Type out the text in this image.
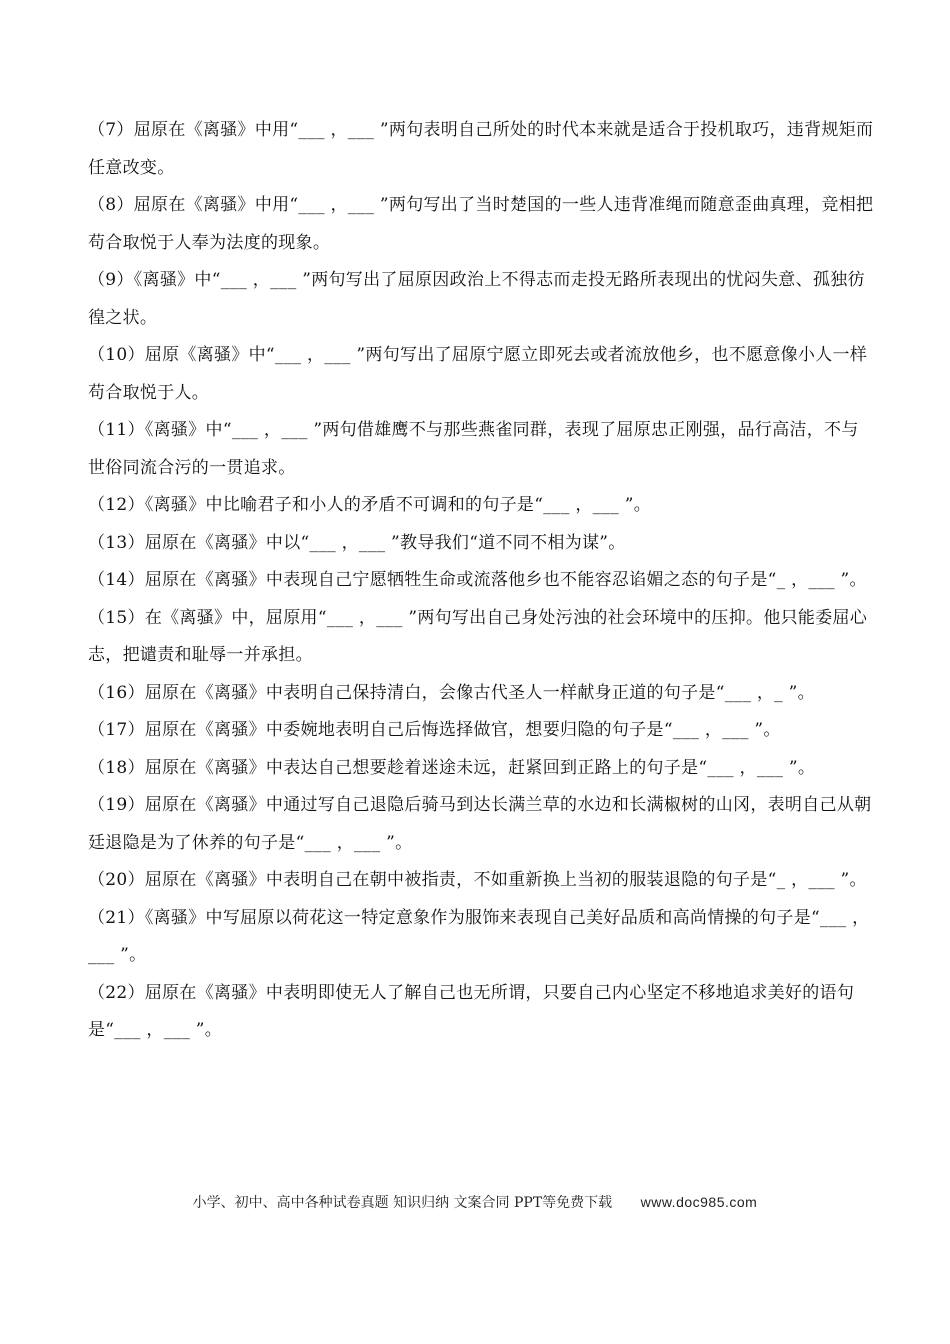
（7）屈原在《离骚》中用“___ ，___ ”两句表明自己所处的时代本来就是适合于投机取巧，违背规矩而任意改变。

（8）屈原在《离骚》中用“___ ，___ ”两句写出了当时楚国的一些人违背准绳而随意歪曲真理，竞相把苟合取悦于人奉为法度的现象。

（9）《离骚》中“___ ，___ ”两句写出了屈原因政治上不得志而走投无路所表现出的忧闷失意、孤独彷徨之状。

（10）屈原《离骚》中“___ ，___ ”两句写出了屈原宁愿立即死去或者流放他乡，也不愿意像小人一样苟合取悦于人。

（11）《离骚》中“___ ，___ ”两句借雄鹰不与那些燕雀同群，表现了屈原忠正刚强，品行高洁，不与世俗同流合污的一贯追求。

（12）《离骚》中比喻君子和小人的矛盾不可调和的句子是“___ ，___ ”。

（13）屈原在《离骚》中以“___ ，___ ”教导我们“道不同不相为谋”。

（14）屈原在《离骚》中表现自己宁愿牺牲生命或流落他乡也不能容忍谄媚之态的句子是“_ ，___ ”。

（15）在《离骚》中，屈原用“___ ，___ ”两句写出自己身处污浊的社会环境中的压抑。他只能委屈心志，把谴责和耻辱一并承担。

（16）屈原在《离骚》中表明自己保持清白，会像古代圣人一样献身正道的句子是“___ ，_ ”。

（17）屈原在《离骚》中委婉地表明自己后悔选择做官，想要归隐的句子是“___ ，___ ”。

（18）屈原在《离骚》中表达自己想要趁着迷途未远，赶紧回到正路上的句子是“___ ，___ ”。

（19）屈原在《离骚》中通过写自己退隐后骑马到达长满兰草的水边和长满椒树的山冈，表明自己从朝廷退隐是为了休养的句子是“___ ，___ ”。

（20）屈原在《离骚》中表明自己在朝中被指责，不如重新换上当初的服装退隐的句子是“_ ，___ ”。

（21）《离骚》中写屈原以荷花这一特定意象作为服饰来表现自己美好品质和高尚情操的句子是“___ ，___ ”。

（22）屈原在《离骚》中表明即使无人了解自己也无所谓，只要自己内心坚定不移地追求美好的语句是“___ ，___ ”。

小学、初中、高中各种试卷真题 知识归纳 文案合同 PPT等免费下载 www.doc985.com
